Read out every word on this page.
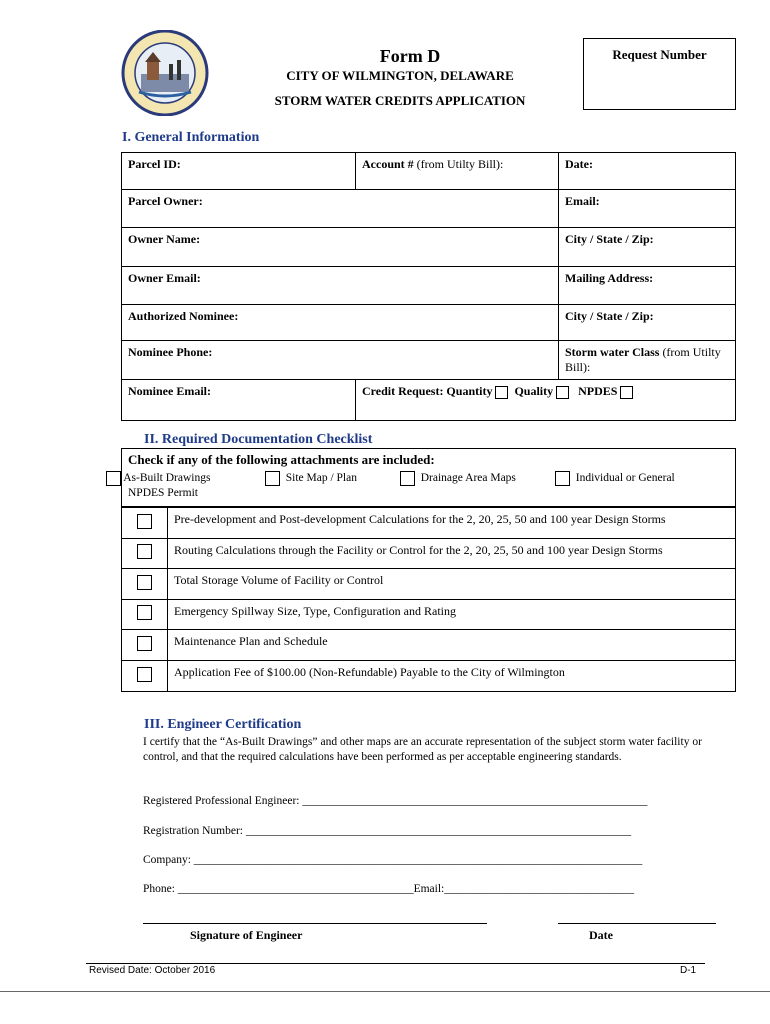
Form D
CITY OF WILMINGTON, DELAWARE
STORM WATER CREDITS APPLICATION
Request Number
I. General Information
Parcel ID:	Account # (from Utilty Bill):	Date:
Parcel Owner:		Email:
Owner Name:		City / State / Zip:
Owner Email:		Mailing Address:
Authorized Nominee:		City / State / Zip:
Nominee Phone:		Storm water Class (from Utilty Bill):
Nominee Email:	Credit Request: Quantity Quality NPDES	
II. Required Documentation Checklist
Check if any of the following attachments are included:
As-Built Drawings	Site Map / Plan	Drainage Area Maps	Individual or General
NPDES Permit
	Pre-development and Post-development Calculations for the 2, 20, 25, 50 and 100 year Design Storms
	Routing Calculations through the Facility or Control for the 2, 20, 25, 50 and 100 year Design Storms
	Total Storage Volume of Facility or Control
	Emergency Spillway Size, Type, Configuration and Rating
	Maintenance Plan and Schedule
	Application Fee of $100.00 (Non-Refundable) Payable to the City of Wilmington
III. Engineer Certification
I certify that the “As-Built Drawings” and other maps are an accurate representation of the subject storm water facility or control, and that the required calculations have been performed as per acceptable engineering standards.
Registered Professional Engineer: ____________________________________________________________
Registration Number: ___________________________________________________________________
Company: ______________________________________________________________________________
Phone: _________________________________________Email:_________________________________
Signature of Engineer	Date
Revised Date: October 2016	D-1
